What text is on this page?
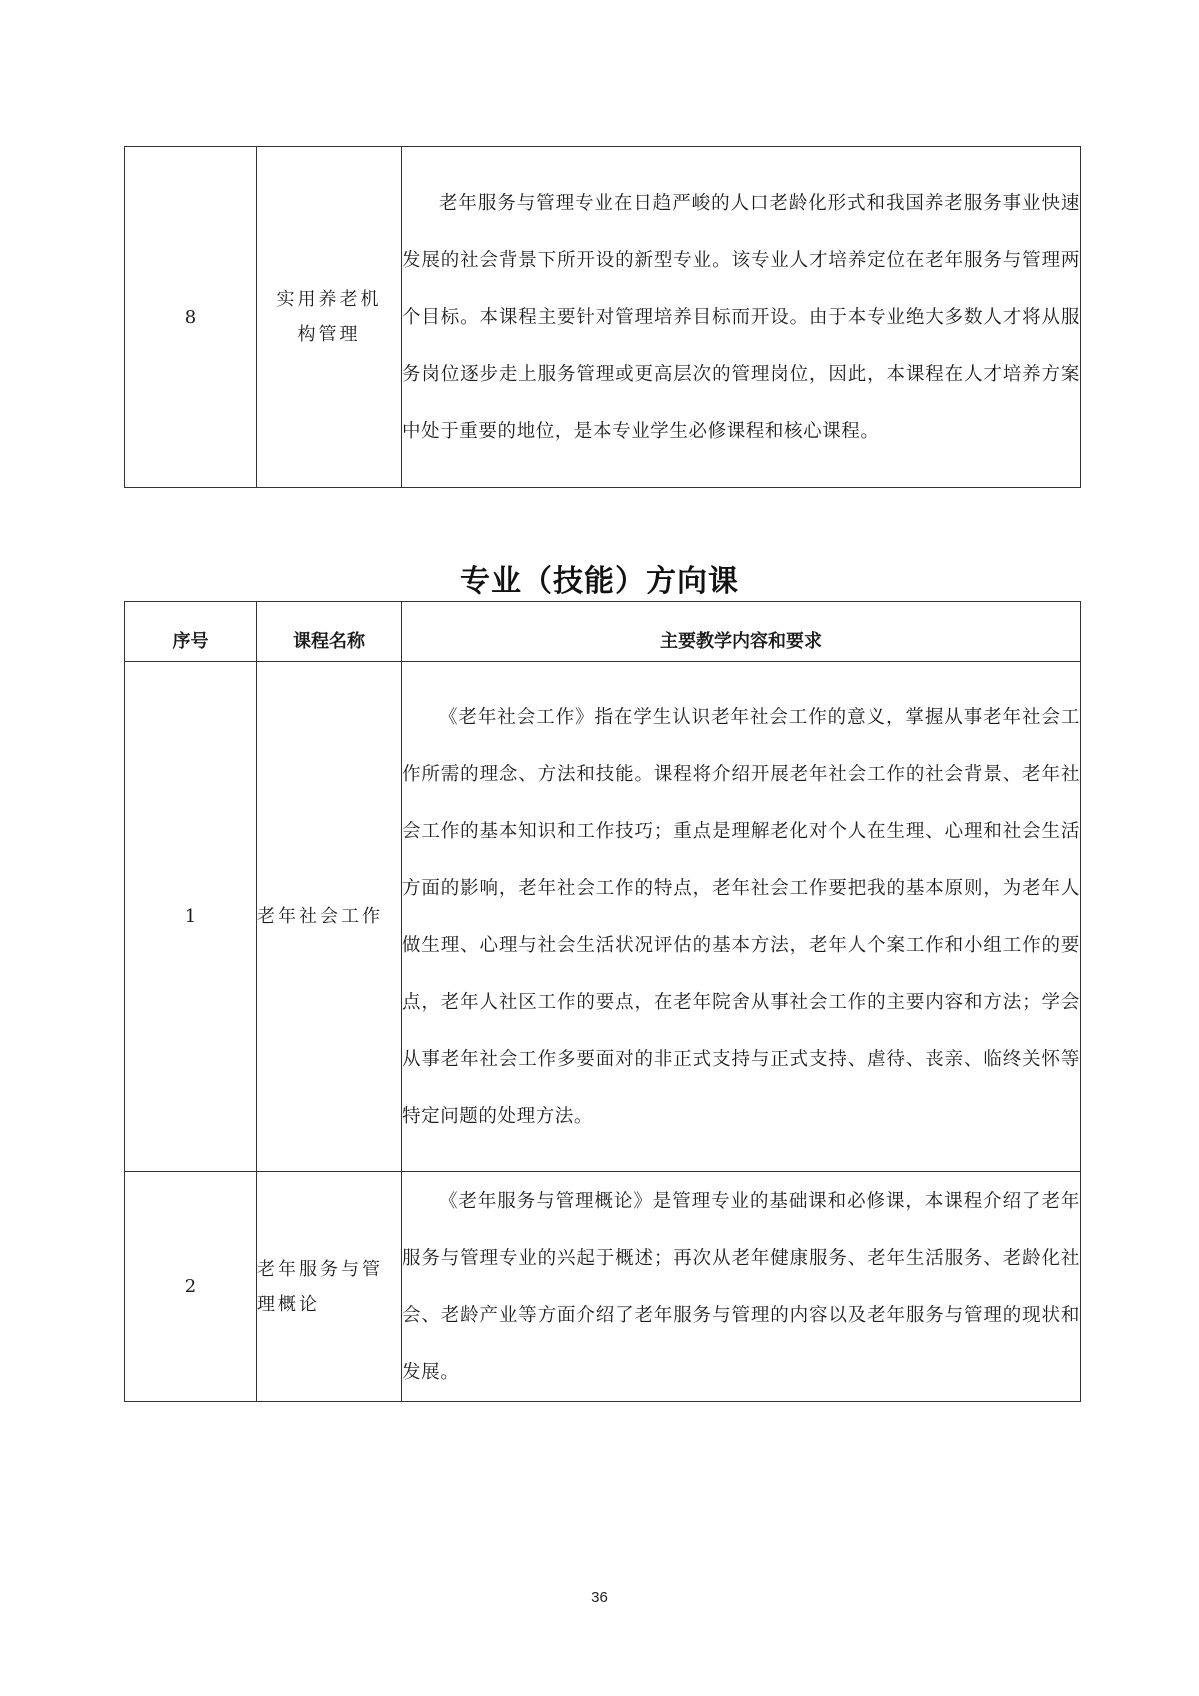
8	实用养老机构管理	老年服务与管理专业在日趋严峻的人口老龄化形式和我国养老服务事业快速发展的社会背景下所开设的新型专业。该专业人才培养定位在老年服务与管理两个目标。本课程主要针对管理培养目标而开设。由于本专业绝大多数人才将从服务岗位逐步走上服务管理或更高层次的管理岗位，因此，本课程在人才培养方案中处于重要的地位，是本专业学生必修课程和核心课程。
专业（技能）方向课
序号	课程名称	主要教学内容和要求
1	老年社会工作	《老年社会工作》指在学生认识老年社会工作的意义，掌握从事老年社会工作所需的理念、方法和技能。课程将介绍开展老年社会工作的社会背景、老年社会工作的基本知识和工作技巧；重点是理解老化对个人在生理、心理和社会生活方面的影响，老年社会工作的特点，老年社会工作要把我的基本原则，为老年人做生理、心理与社会生活状况评估的基本方法，老年人个案工作和小组工作的要点，老年人社区工作的要点，在老年院舍从事社会工作的主要内容和方法；学会从事老年社会工作多要面对的非正式支持与正式支持、虐待、丧亲、临终关怀等特定问题的处理方法。
2	老年服务与管理概论	《老年服务与管理概论》是管理专业的基础课和必修课，本课程介绍了老年服务与管理专业的兴起于概述；再次从老年健康服务、老年生活服务、老龄化社会、老龄产业等方面介绍了老年服务与管理的内容以及老年服务与管理的现状和发展。
36
